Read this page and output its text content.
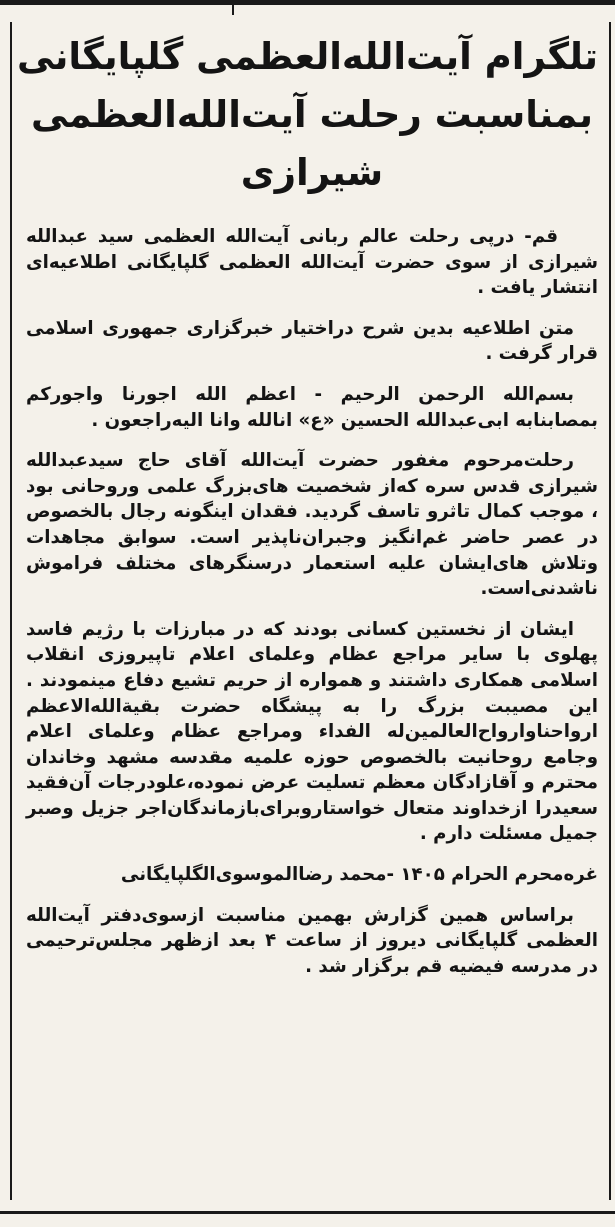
تلگرام آیت‌الله‌العظمی گلپایگانی
بمناسبت رحلت آیت‌الله‌العظمی
شیرازی

قم- درپی رحلت عالم ربانی آیت‌الله العظمی سید عبدالله شیرازی از سوی حضرت آیت‌الله العظمی گلپایگانی اطلاعیه‌ای انتشار یافت .

متن اطلاعیه بدین شرح دراختیار خبرگزاری جمهوری اسلامی قرار گرفت .

بسم‌الله الرحمن الرحیم - اعظم الله اجورنا واجورکم بمصابنابه ابی‌عبدالله الحسین «ع» انالله وانا الیه‌راجعون .

رحلت‌مرحوم مغفور حضرت آیت‌الله آقای حاج سیدعبدالله شیرازی قدس سره که‌از شخصیت های‌بزرگ علمی وروحانی بود ، موجب کمال تاثرو تاسف گردید. فقدان اینگونه رجال بالخصوص در عصر حاضر غم‌انگیز وجبران‌ناپذیر است. سوابق مجاهدات وتلاش های‌ایشان علیه استعمار درسنگرهای مختلف فراموش ناشدنی‌است.

ایشان از نخستین کسانی بودند که در مبارزات با رژیم فاسد پهلوی با سایر مراجع عظام وعلمای اعلام تاپیروزی انقلاب اسلامی همکاری داشتند و همواره از حریم تشیع دفاع مینمودند . این مصیبت بزرگ را به پیشگاه حضرت بقیةالله‌الاعظم ارواحناوارواح‌العالمین‌له الفداء ومراجع عظام وعلمای اعلام وجامع روحانیت بالخصوص حوزه علمیه مقدسه مشهد وخاندان محترم و آقازادگان معظم تسلیت عرض نموده،علودرجات آن‌فقید سعیدرا ازخداوند متعال خواستاروبرای‌بازماندگان‌اجر جزیل وصبر جمیل مسئلت دارم .

غره‌محرم الحرام ۱۴۰۵ -محمد رضاالموسوی‌الگلپایگانی

براساس همین گزارش بهمین مناسبت ازسوی‌دفتر آیت‌الله العظمی گلپایگانی دیروز از ساعت ۴ بعد ازظهر مجلس‌ترحیمی در مدرسه فیضیه قم برگزار شد .
